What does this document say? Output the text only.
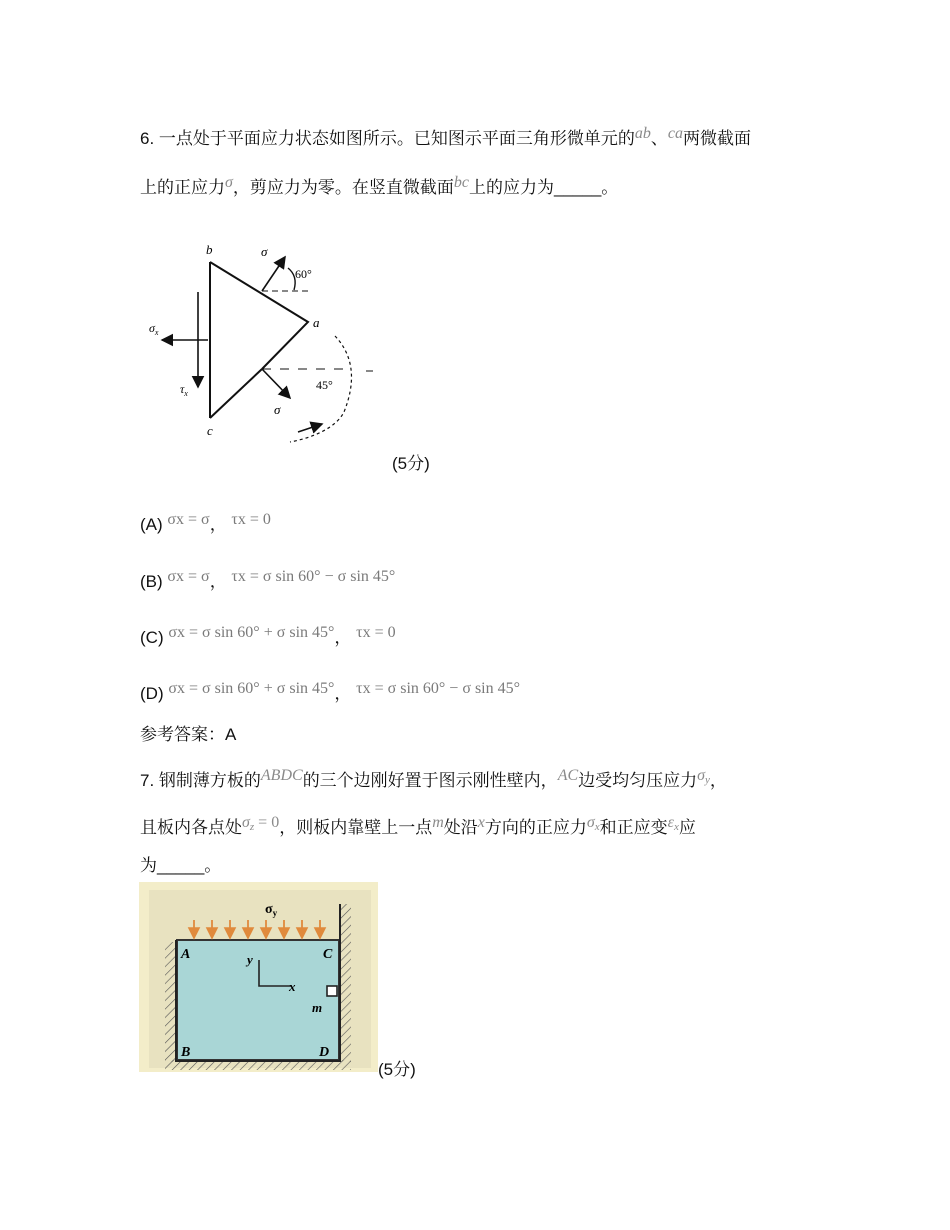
6. 一点处于平面应力状态如图所示。已知图示平面三角形微单元的ab、ca两微截面
上的正应力σ，剪应力为零。在竖直微截面bc上的应力为_____。
b
a
c
σ
60°
45°
σ
$\sigma_x$
$\tau_x$
(5分)
(A) σx = σ， τx = 0
(B) σx = σ， τx = σ sin 60° − σ sin 45°
(C) σx = σ sin 60° + σ sin 45°， τx = 0
(D) σx = σ sin 60° + σ sin 45°， τx = σ sin 60° − σ sin 45°
参考答案：A
7. 钢制薄方板的ABDC的三个边刚好置于图示刚性壁内，AC边受均匀压应力$\sigma_y$，
且板内各点处$\sigma_z = 0$，则板内靠壁上一点m处沿x方向的正应力$\sigma_x$和正应变$\varepsilon_x$应
为_____。
$\sigma_y$
A	C
B	D
y
x
m
(5分)
